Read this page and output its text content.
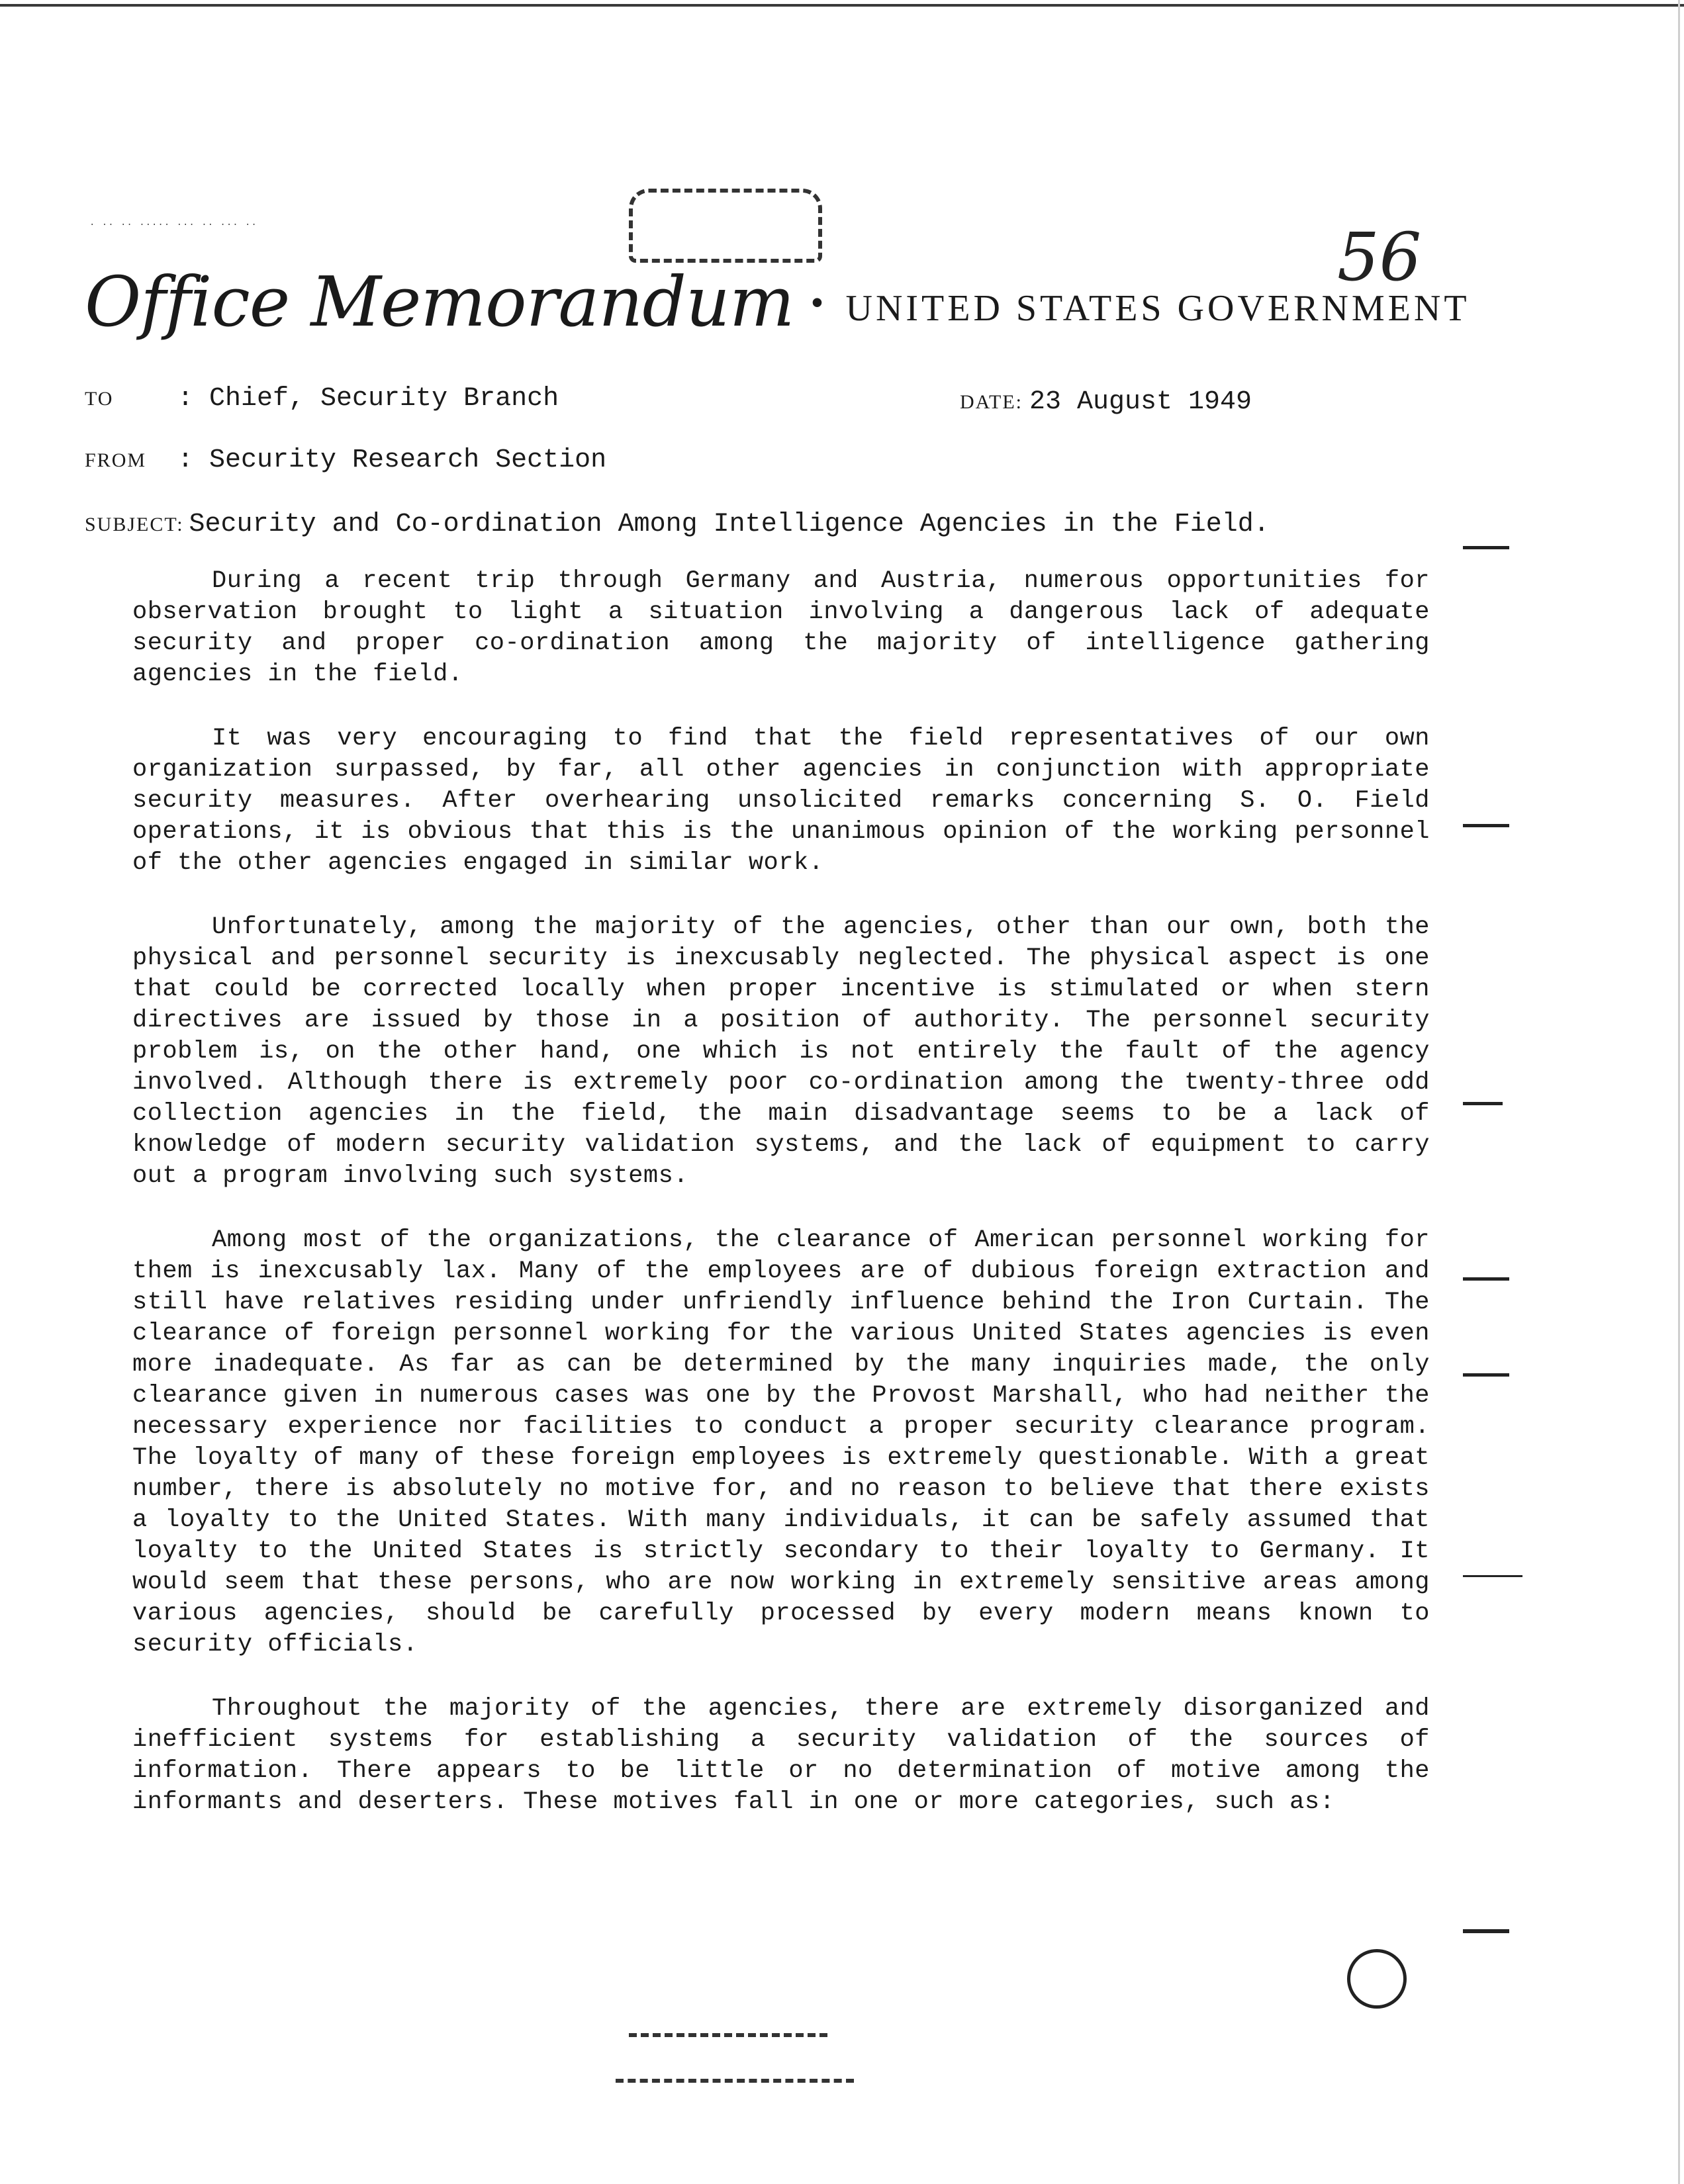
· ·· ·· ····· ··· ·· ··· ··	56
Office Memorandum • UNITED STATES GOVERNMENT
TO : Chief, Security Branch	DATE: 23 August 1949
FROM : Security Research Section
SUBJECT: Security and Co-ordination Among Intelligence Agencies in the Field.

During a recent trip through Germany and Austria, numerous opportunities for observation brought to light a situation involving a dangerous lack of adequate security and proper co-ordination among the majority of intelligence gathering agencies in the field.

It was very encouraging to find that the field representatives of our own organization surpassed, by far, all other agencies in conjunction with appropriate security measures. After overhearing unsolicited remarks concerning S. O. Field operations, it is obvious that this is the unanimous opinion of the working personnel of the other agencies engaged in similar work.

Unfortunately, among the majority of the agencies, other than our own, both the physical and personnel security is inexcusably neglected. The physical aspect is one that could be corrected locally when proper incentive is stimulated or when stern directives are issued by those in a position of authority. The personnel security problem is, on the other hand, one which is not entirely the fault of the agency involved. Although there is extremely poor co-ordination among the twenty-three odd collection agencies in the field, the main disadvantage seems to be a lack of knowledge of modern security validation systems, and the lack of equipment to carry out a program involving such systems.

Among most of the organizations, the clearance of American personnel working for them is inexcusably lax. Many of the employees are of dubious foreign extraction and still have relatives residing under unfriendly influence behind the Iron Curtain. The clearance of foreign personnel working for the various United States agencies is even more inadequate. As far as can be determined by the many inquiries made, the only clearance given in numerous cases was one by the Provost Marshall, who had neither the necessary experience nor facilities to conduct a proper security clearance program. The loyalty of many of these foreign employees is extremely questionable. With a great number, there is absolutely no motive for, and no reason to believe that there exists a loyalty to the United States. With many individuals, it can be safely assumed that loyalty to the United States is strictly secondary to their loyalty to Germany. It would seem that these persons, who are now working in extremely sensitive areas among various agencies, should be carefully processed by every modern means known to security officials.

Throughout the majority of the agencies, there are extremely disorganized and inefficient systems for establishing a security validation of the sources of information. There appears to be little or no determination of motive among the informants and deserters. These motives fall in one or more categories, such as:
